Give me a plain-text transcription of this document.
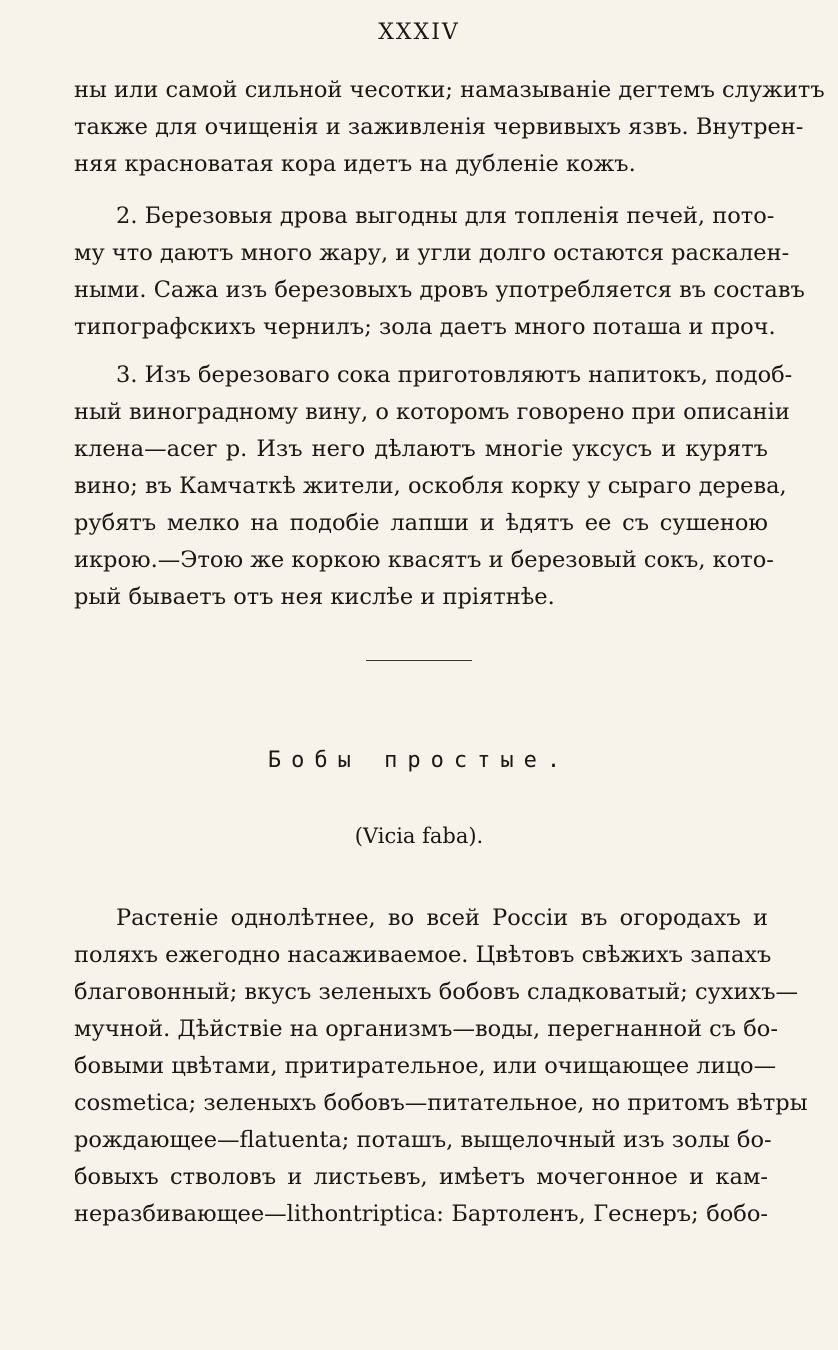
XXXIV
ны или самой сильной чесотки; намазыванiе дегтемъ служитъ
также для очищенiя и заживленiя червивыхъ язвъ. Внутрен-
няя красноватая кора идетъ на дубленiе кожъ.
2. Березовыя дрова выгодны для топленiя печей, пото-
му что даютъ много жару, и угли долго остаются раскален-
ными. Сажа изъ березовыхъ дровъ употребляется въ составъ
типографскихъ чернилъ; зола даетъ много поташа и проч.
3. Изъ березоваго сока приготовляютъ напитокъ, подоб-
ный виноградному вину, о которомъ говорено при описанiи
клена—acer p. Изъ него дѣлаютъ многiе уксусъ и курятъ
вино; въ Камчаткѣ жители, оскобля корку у сыраго дерева,
рубятъ мелко на подобiе лапши и ѣдятъ ее съ сушеною
икрою.—Этою же коркою квасятъ и березовый сокъ, кото-
рый бываетъ отъ нея кислѣе и прiятнѣе.
Бобы простые.
(Vicia faba).
Растенiе однолѣтнее, во всей Россiи въ огородахъ и
поляхъ ежегодно насаживаемое. Цвѣтовъ свѣжихъ запахъ
благовонный; вкусъ зеленыхъ бобовъ сладковатый; сухихъ—
мучной. Дѣйствiе на организмъ—воды, перегнанной съ бо-
бовыми цвѣтами, притирательное, или очищающее лицо—
cosmetica; зеленыхъ бобовъ—питательное, но притомъ вѣтры
рождающее—flatuenta; поташъ, выщелочный изъ золы бо-
бовыхъ стволовъ и листьевъ, имѣетъ мочегонное и кам-
неразбивающее—lithontriptica: Бартоленъ, Геснеръ; бобо-
